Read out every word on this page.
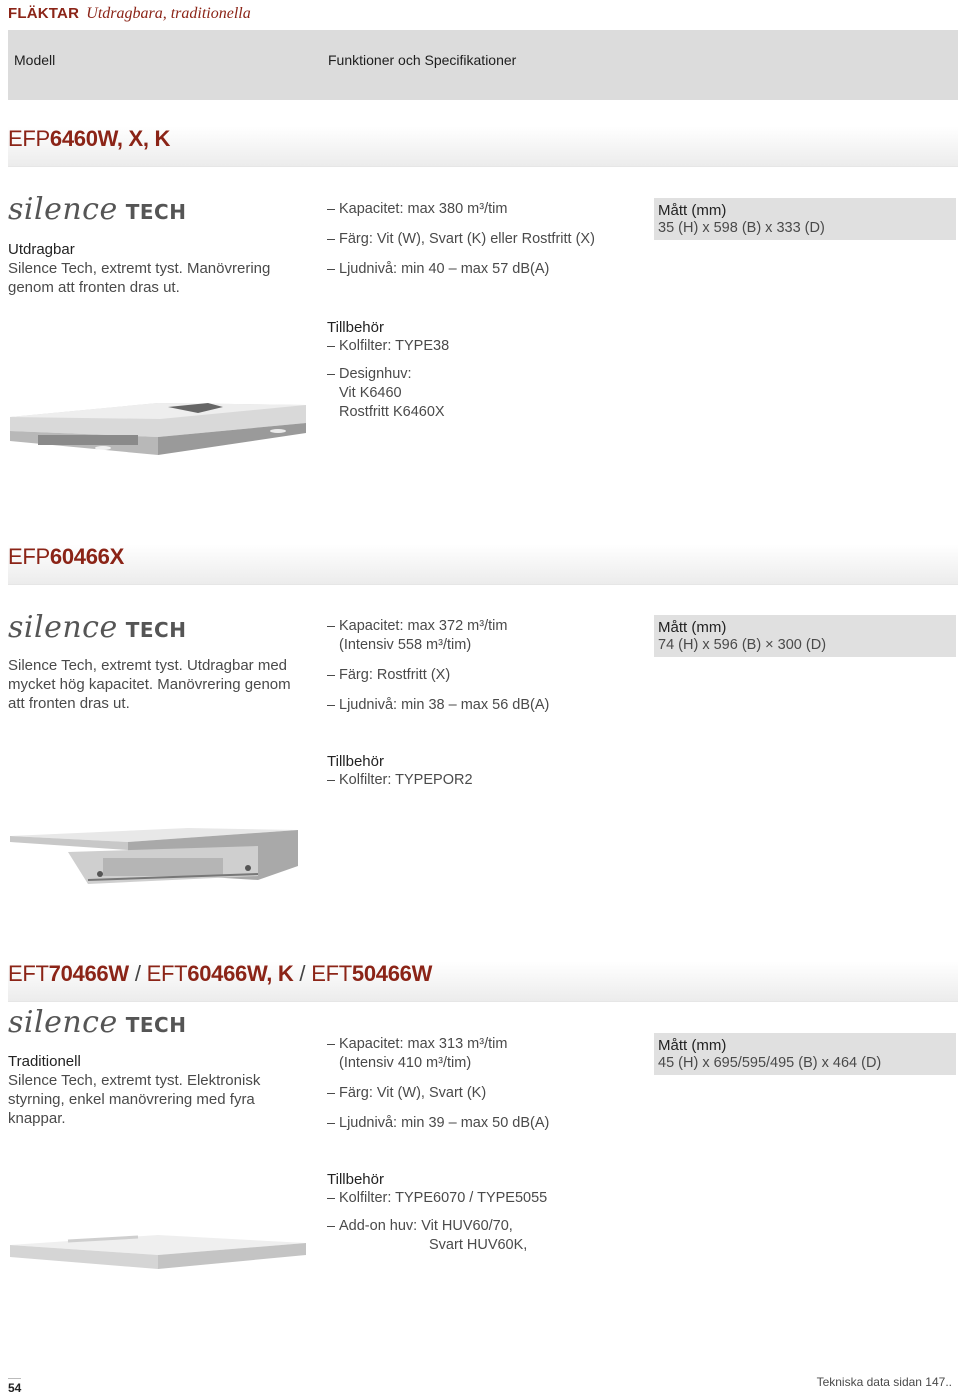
FLÄKTAR Utdragbara, traditionella
Modell	Funktioner och Specifikationer
EFP6460W, X, K
silence TECH
Utdragbar
Silence Tech, extremt tyst. Manövrering
genom att fronten dras ut.
Kapacitet: max 380 m³/tim
Färg: Vit (W), Svart (K) eller Rostfritt (X)
Ljudnivå: min 40 – max 57 dB(A)
Mått (mm)
35 (H) x 598 (B) x 333 (D)
Tillbehör
Kolfilter: TYPE38
Designhuv:
Vit K6460
Rostfritt K6460X
EFP60466X
silence TECH
Silence Tech, extremt tyst. Utdragbar med
mycket hög kapacitet. Manövrering genom
att fronten dras ut.
Kapacitet: max 372 m³/tim
(Intensiv 558 m³/tim)
Färg: Rostfritt (X)
Ljudnivå: min 38 – max 56 dB(A)
Mått (mm)
74 (H) x 596 (B) × 300 (D)
Tillbehör
Kolfilter: TYPEPOR2
EFT70466W / EFT60466W, K / EFT50466W
silence TECH
Traditionell
Silence Tech, extremt tyst. Elektronisk
styrning, enkel manövrering med fyra
knappar.
Kapacitet: max 313 m³/tim
(Intensiv 410 m³/tim)
Färg: Vit (W), Svart (K)
Ljudnivå: min 39 – max 50 dB(A)
Mått (mm)
45 (H) x 695/595/495 (B) x 464 (D)
Tillbehör
Kolfilter: TYPE6070 / TYPE5055
Add-on huv: Vit HUV60/70,
Svart HUV60K,
54	Tekniska data sidan 147..
